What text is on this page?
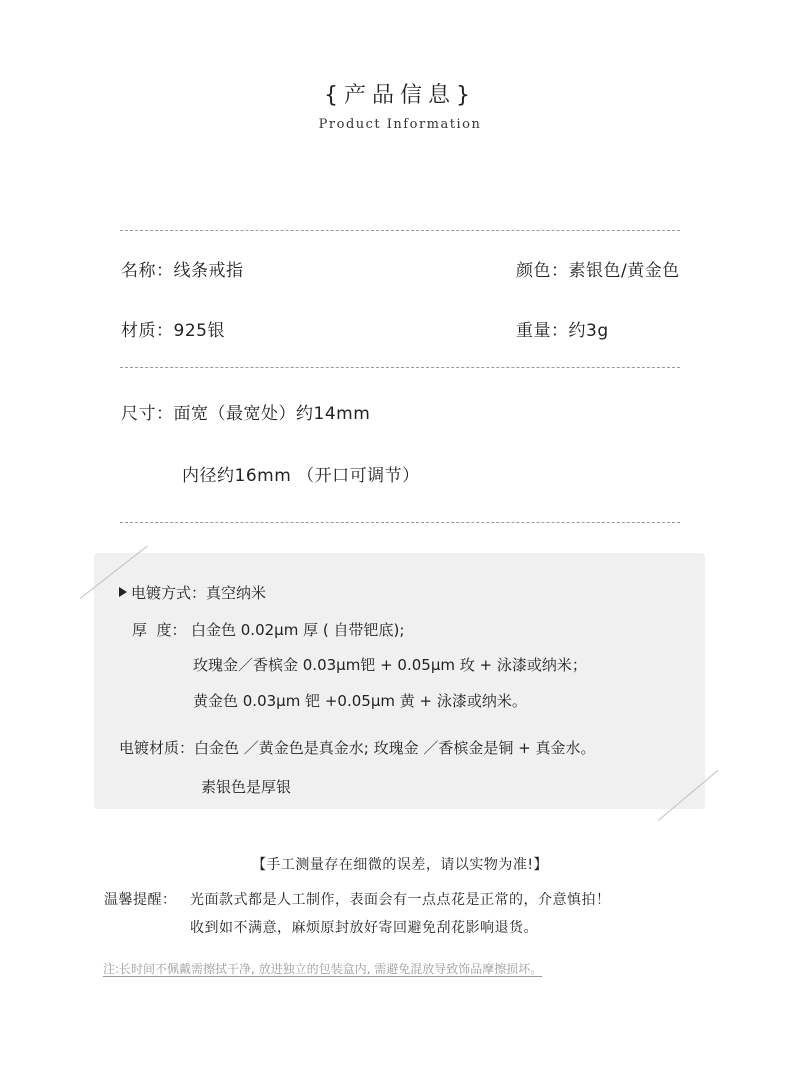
{产品信息}
Product Information
名称：线条戒指	颜色：素银色/黄金色
材质：925银	重量：约3g
尺寸：面宽（最宽处）约14mm
内径约16mm （开口可调节）
电镀方式：真空纳米
厚  度： 白金色 0.02μm 厚 ( 自带钯底);
玫瑰金／香槟金 0.03μm钯 + 0.05μm 玫 + 泳漆或纳米；
黄金色 0.03μm 钯 +0.05μm 黄 + 泳漆或纳米。
电镀材质：白金色 ／黄金色是真金水; 玫瑰金 ／香槟金是铜 + 真金水。
素银色是厚银
【手工测量存在细微的误差，请以实物为准!】
温馨提醒： 光面款式都是人工制作，表面会有一点点花是正常的，介意慎拍！
收到如不满意，麻烦原封放好寄回避免刮花影响退货。
注:长时间不佩戴需擦拭干净, 放进独立的包装盒内, 需避免混放导致饰品摩擦损坏。
